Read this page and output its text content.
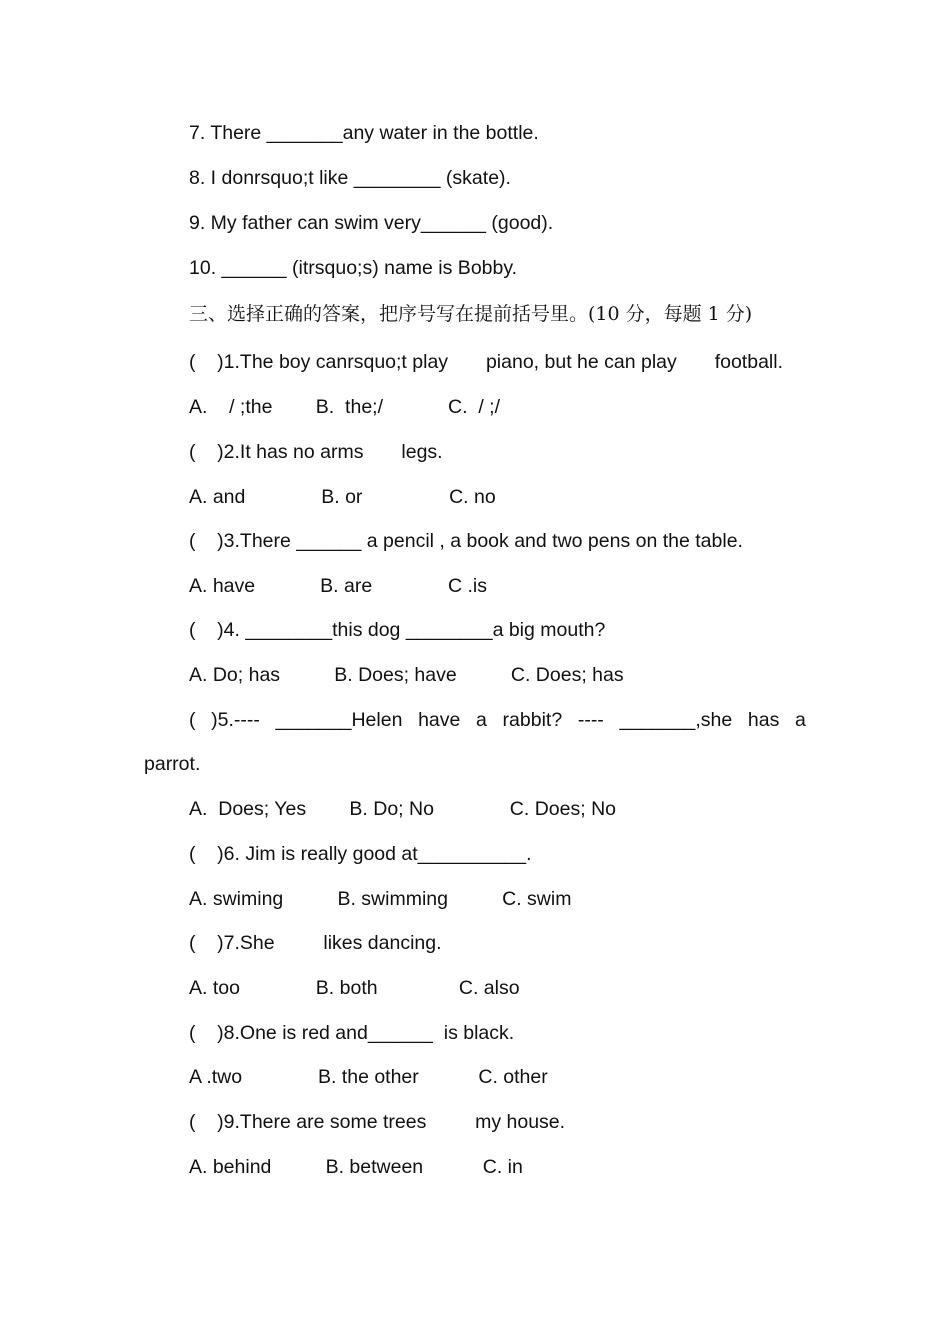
7. There _______any water in the bottle.
8. I donrsquo;t like ________ (skate).
9. My father can swim very______ (good).
10. ______ (itrsquo;s) name is Bobby.
三、选择正确的答案，把序号写在提前括号里。(10 分，每题 1 分)
(    )1.The boy canrsquo;t play       piano, but he can play       football.
A.    / ;the        B.  the;/            C.  / ;/
(    )2.It has no arms       legs.
A. and              B. or                C. no
(    )3.There ______ a pencil , a book and two pens on the table.
A. have            B. are              C .is
(    )4. ________this dog ________a big mouth?
A. Do; has          B. Does; have          C. Does; has
( )5.---- _______Helen have a rabbit? ---- _______,she has a
parrot.
A.  Does; Yes        B. Do; No              C. Does; No
(    )6. Jim is really good at__________.
A. swiming          B. swimming          C. swim
(    )7.She         likes dancing.
A. too              B. both               C. also
(    )8.One is red and______  is black.
A .two              B. the other           C. other
(    )9.There are some trees         my house.
A. behind          B. between           C. in
